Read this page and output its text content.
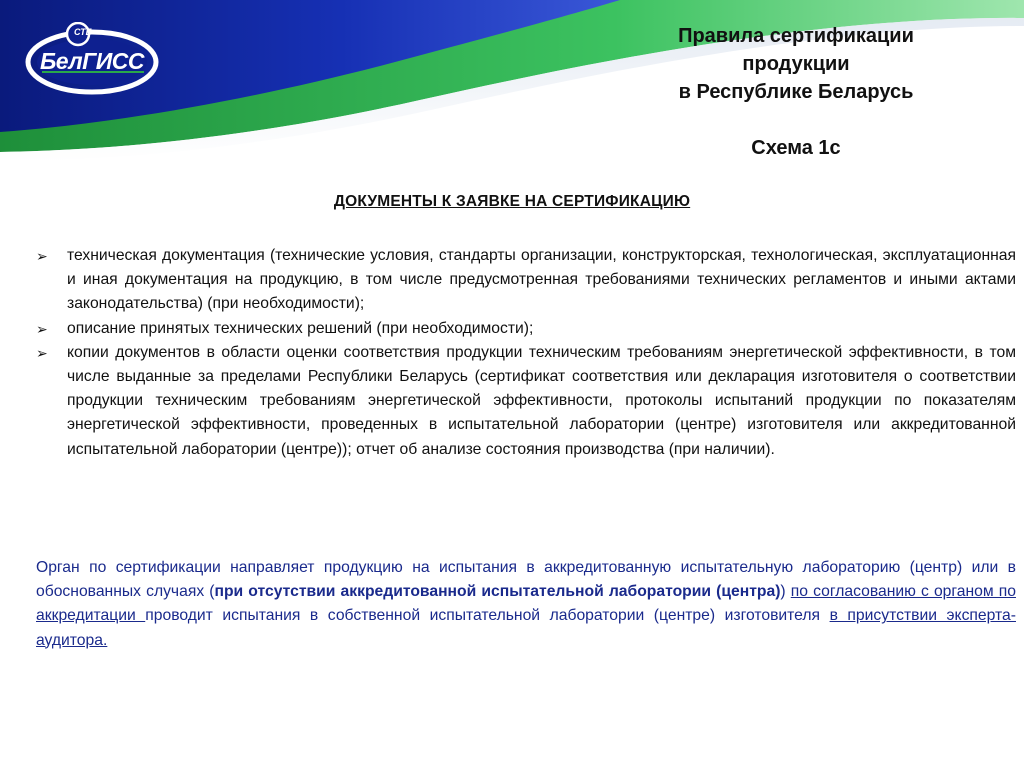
СТБ
БелГИСС
Правила сертификации
продукции
в Республике Беларусь
Схема 1с
ДОКУМЕНТЫ К ЗАЯВКЕ НА СЕРТИФИКАЦИЮ
➢	техническая документация (технические условия, стандарты организации, конструкторская, технологическая, эксплуатационная и иная документация на продукцию, в том числе предусмотренная требованиями технических регламентов и иными актами законодательства) (при необходимости);
➢	описание принятых технических решений (при необходимости);
➢	копии документов в области оценки соответствия продукции техническим требованиям энергетической эффективности, в том числе выданные за пределами Республики Беларусь (сертификат соответствия или декларация изготовителя о соответствии продукции техническим требованиям энергетической эффективности, протоколы испытаний продукции по показателям энергетической эффективности, проведенных в испытательной лаборатории (центре) изготовителя или аккредитованной испытательной лаборатории (центре)); отчет об анализе состояния производства (при наличии).
Орган по сертификации направляет продукцию на испытания в аккредитованную испытательную лабораторию (центр) или в обоснованных случаях (при отсутствии аккредитованной испытательной лаборатории (центра)) по согласованию с органом по аккредитации проводит испытания в собственной испытательной лаборатории (центре) изготовителя в присутствии эксперта-аудитора.
